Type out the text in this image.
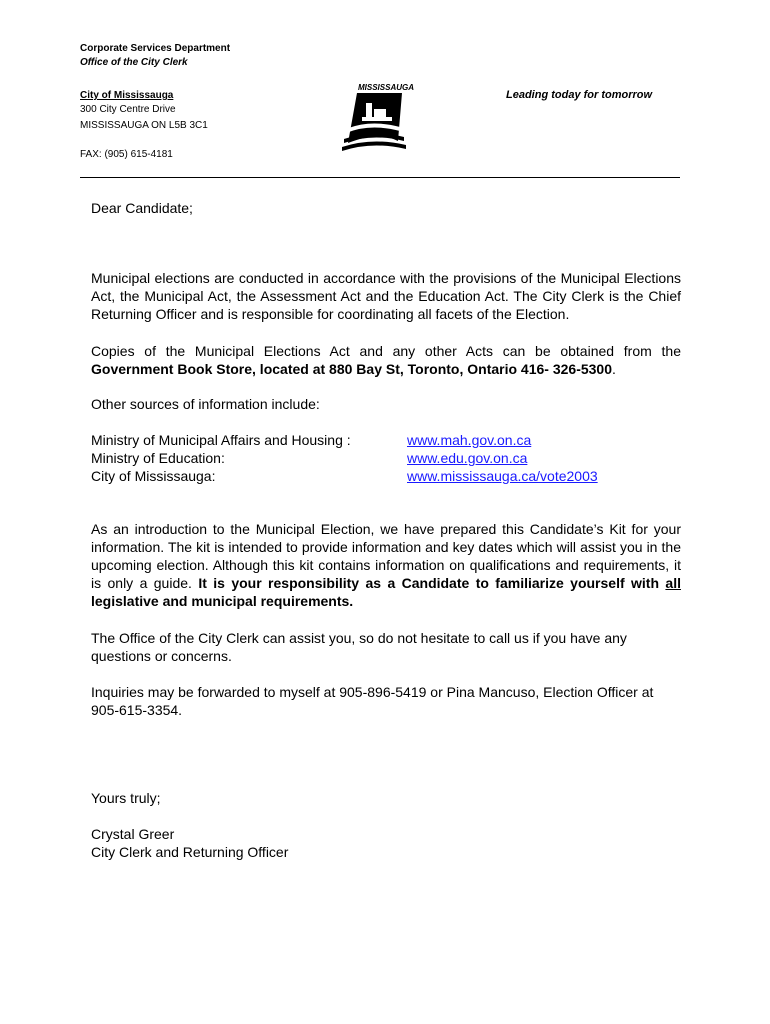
Corporate Services Department
Office of the City Clerk
City of Mississauga
300 City Centre Drive
MISSISSAUGA ON L5B 3C1
FAX: (905) 615-4181
MISSISSAUGA
Leading today for tomorrow
Dear Candidate;
Municipal elections are conducted in accordance with the provisions of the Municipal Elections Act, the Municipal Act, the Assessment Act and the Education Act. The City Clerk is the Chief Returning Officer and is responsible for coordinating all facets of the Election.
Copies of the Municipal Elections Act and any other Acts can be obtained from the Government Book Store, located at 880 Bay St, Toronto, Ontario 416- 326-5300.
Other sources of information include:
Ministry of Municipal Affairs and Housing :	www.mah.gov.on.ca
Ministry of Education:	www.edu.gov.on.ca
City of Mississauga:	www.mississauga.ca/vote2003
As an introduction to the Municipal Election, we have prepared this Candidate’s Kit for your information. The kit is intended to provide information and key dates which will assist you in the upcoming election. Although this kit contains information on qualifications and requirements, it is only a guide. It is your responsibility as a Candidate to familiarize yourself with all legislative and municipal requirements.
The Office of the City Clerk can assist you, so do not hesitate to call us if you have any questions or concerns.
Inquiries may be forwarded to myself at 905-896-5419 or Pina Mancuso, Election Officer at 905-615-3354.
Yours truly;
Crystal Greer
City Clerk and Returning Officer
